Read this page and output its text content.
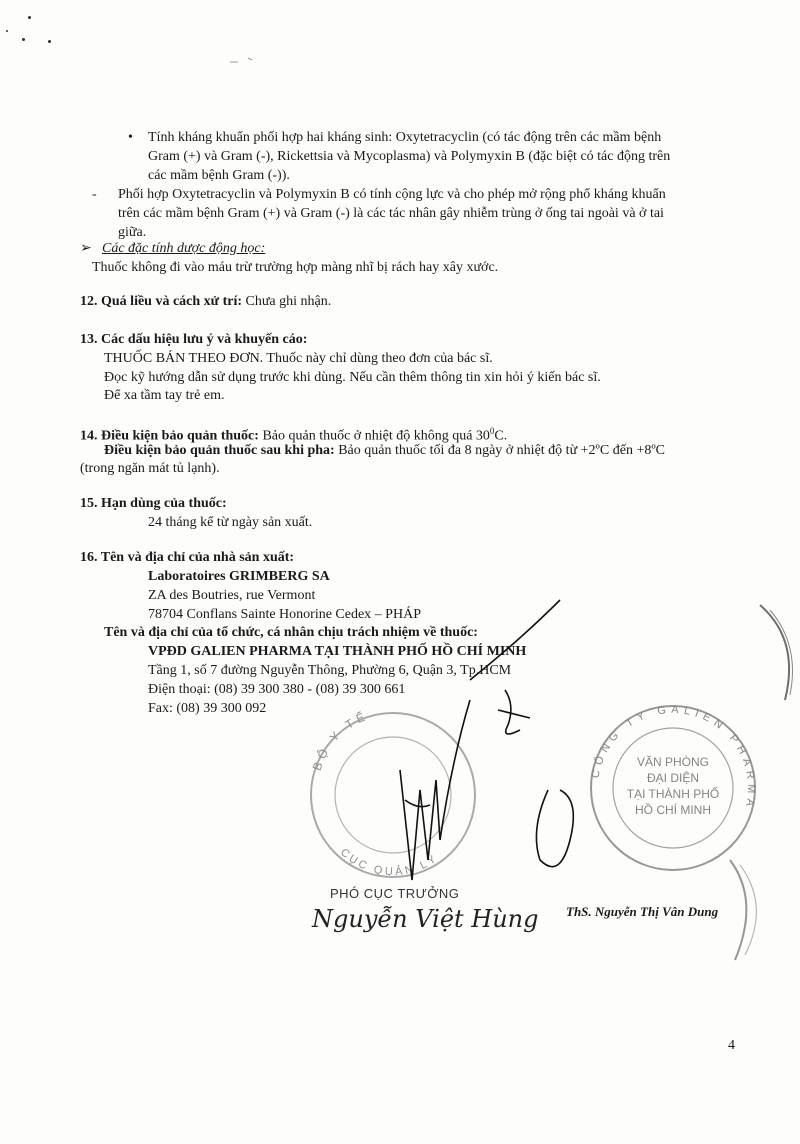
• Tính kháng khuẩn phối hợp hai kháng sinh: Oxytetracyclin (có tác động trên các mầm bệnh
Gram (+) và Gram (-), Rickettsia và Mycoplasma) và Polymyxin B (đặc biệt có tác động trên
các mầm bệnh Gram (-)).
- Phối hợp Oxytetracyclin và Polymyxin B có tính cộng lực và cho phép mở rộng phổ kháng khuẩn
trên các mầm bệnh Gram (+) và Gram (-) là các tác nhân gây nhiễm trùng ở ống tai ngoài và ở tai
giữa.
➢ Các đặc tính dược động học:
Thuốc không đi vào máu trừ trường hợp màng nhĩ bị rách hay xây xước.
12. Quá liều và cách xử trí: Chưa ghi nhận.
13. Các dấu hiệu lưu ý và khuyến cáo:
THUỐC BÁN THEO ĐƠN. Thuốc này chỉ dùng theo đơn của bác sĩ.
Đọc kỹ hướng dẫn sử dụng trước khi dùng. Nếu cần thêm thông tin xin hỏi ý kiến bác sĩ.
Để xa tầm tay trẻ em.
14. Điều kiện bảo quản thuốc: Bảo quản thuốc ở nhiệt độ không quá $30^0C$.
Điều kiện bảo quản thuốc sau khi pha: Bảo quản thuốc tối đa 8 ngày ở nhiệt độ từ +2ºC đến +8ºC
(trong ngăn mát tủ lạnh).
15. Hạn dùng của thuốc:
24 tháng kể từ ngày sản xuất.
16. Tên và địa chỉ của nhà sản xuất:
Laboratoires GRIMBERG SA
ZA des Boutries, rue Vermont
78704 Conflans Sainte Honorine Cedex – PHÁP
Tên và địa chỉ của tổ chức, cá nhân chịu trách nhiệm về thuốc:
VPĐD GALIEN PHARMA TẠI THÀNH PHỐ HỒ CHÍ MINH
Tầng 1, số 7 đường Nguyễn Thông, Phường 6, Quận 3, Tp.HCM
Điện thoại: (08) 39 300 380 - (08) 39 300 661
Fax: (08) 39 300 092
BỘ Y TẾ
CỤC QUẢN LÝ
CÔNG TY GALIEN PHARMA
VĂN PHÒNG
ĐẠI DIỆN
TẠI THÀNH PHỐ
HỒ CHÍ MINH
PHÓ CỤC TRƯỞNG
Nguyễn Việt Hùng ThS. Nguyễn Thị Vân Dung
4
